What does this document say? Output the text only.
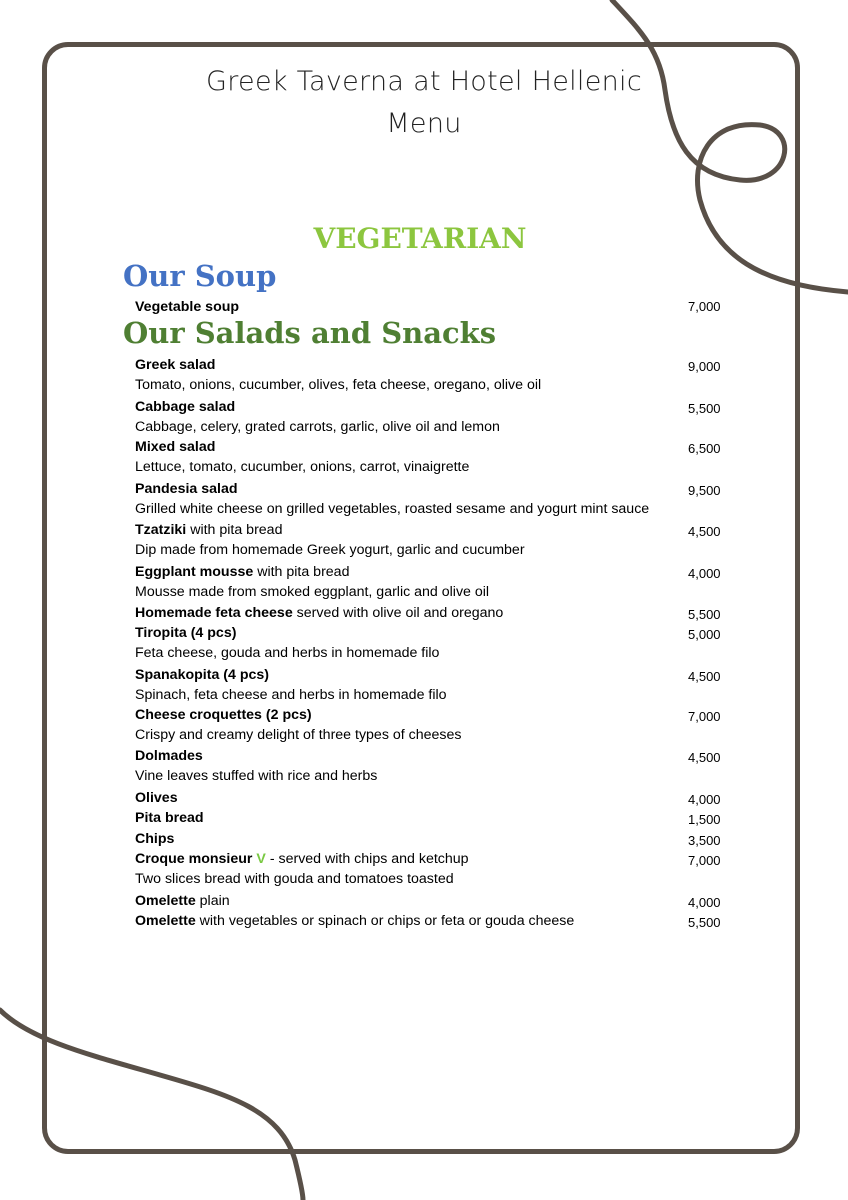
Greek Taverna at Hotel Hellenic
Menu
VEGETARIAN
Our Soup
Vegetable soup	7,000
Our Salads and Snacks
Greek salad	9,000
Tomato, onions, cucumber, olives, feta cheese, oregano, olive oil
Cabbage salad	5,500
Cabbage, celery, grated carrots, garlic, olive oil and lemon
Mixed salad	6,500
Lettuce, tomato, cucumber, onions, carrot, vinaigrette
Pandesia salad	9,500
Grilled white cheese on grilled vegetables, roasted sesame and yogurt mint sauce
Tzatziki with pita bread	4,500
Dip made from homemade Greek yogurt, garlic and cucumber
Eggplant mousse with pita bread	4,000
Mousse made from smoked eggplant, garlic and olive oil
Homemade feta cheese served with olive oil and oregano	5,500
Tiropita (4 pcs)	5,000
Feta cheese, gouda and herbs in homemade filo
Spanakopita (4 pcs)	4,500
Spinach, feta cheese and herbs in homemade filo
Cheese croquettes (2 pcs)	7,000
Crispy and creamy delight of three types of cheeses
Dolmades	4,500
Vine leaves stuffed with rice and herbs
Olives	4,000
Pita bread	1,500
Chips	3,500
Croque monsieur V - served with chips and ketchup	7,000
Two slices bread with gouda and tomatoes toasted
Omelette plain	4,000
Omelette with vegetables or spinach or chips or feta or gouda cheese	5,500
